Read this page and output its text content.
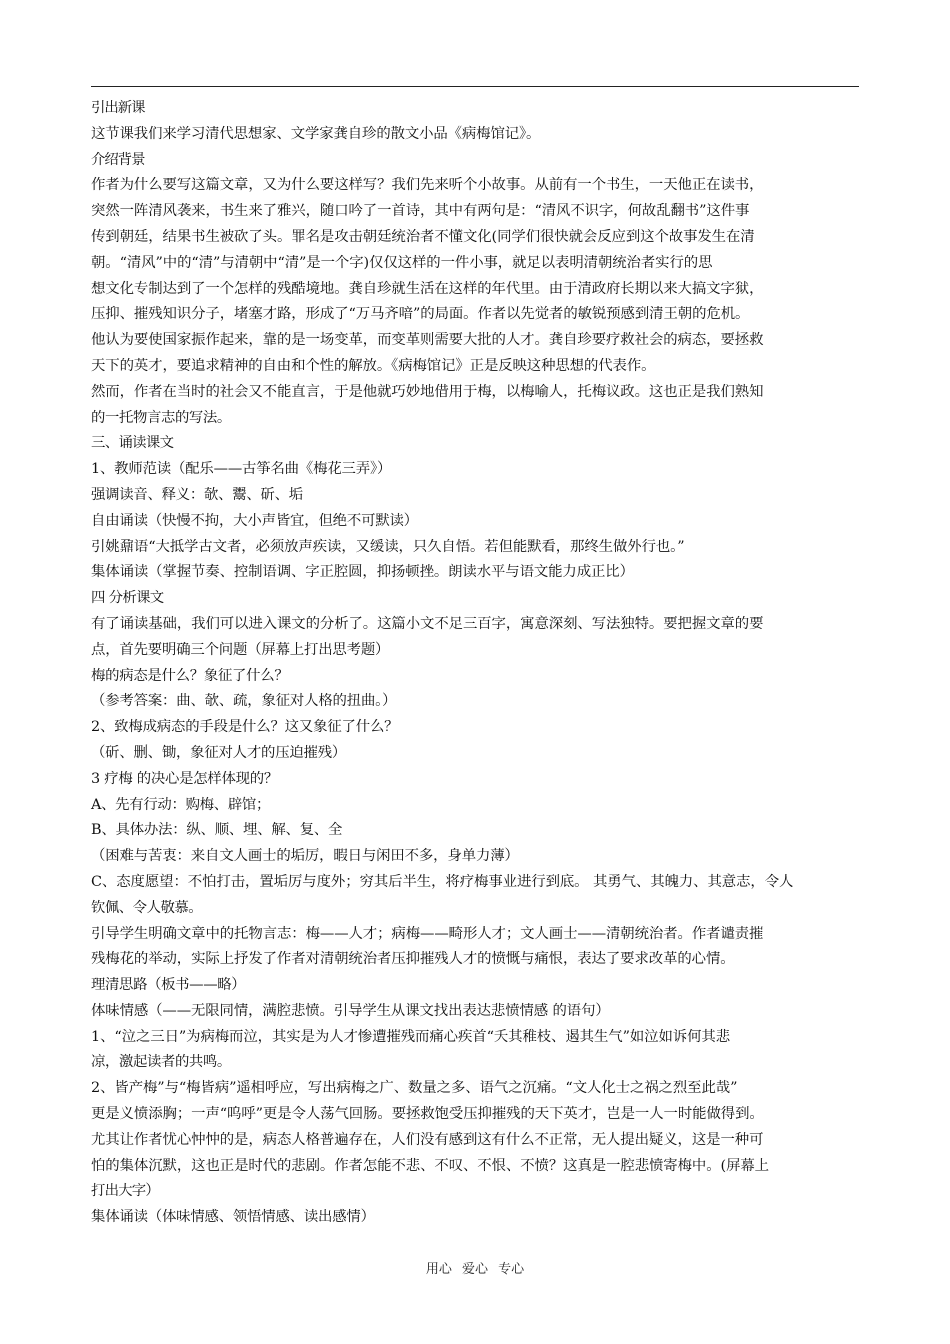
引出新课
这节课我们来学习清代思想家、文学家龚自珍的散文小品《病梅馆记》。
介绍背景
作者为什么要写这篇文章，又为什么要这样写？我们先来听个小故事。从前有一个书生，一天他正在读书，
突然一阵清风袭来，书生来了雅兴，随口吟了一首诗，其中有两句是：“清风不识字，何故乱翻书”这件事
传到朝廷，结果书生被砍了头。罪名是攻击朝廷统治者不懂文化(同学们很快就会反应到这个故事发生在清
朝。“清风”中的“清”与清朝中“清”是一个字)仅仅这样的一件小事，就足以表明清朝统治者实行的思
想文化专制达到了一个怎样的残酷境地。龚自珍就生活在这样的年代里。由于清政府长期以来大搞文字狱，
压抑、摧残知识分子，堵塞才路，形成了“万马齐喑”的局面。作者以先觉者的敏锐预感到清王朝的危机。
他认为要使国家振作起来，靠的是一场变革，而变革则需要大批的人才。龚自珍要疗救社会的病态，要拯救
天下的英才，要追求精神的自由和个性的解放。《病梅馆记》正是反映这种思想的代表作。
然而，作者在当时的社会又不能直言，于是他就巧妙地借用于梅，以梅喻人，托梅议政。这也正是我们熟知
的一托物言志的写法。
三、诵读课文
1、教师范读（配乐——古筝名曲《梅花三弄》）
强调读音、释义：欹、鬻、斫、垢
自由诵读（快慢不拘，大小声皆宜，但绝不可默读）
引姚鼐语“大抵学古文者，必须放声疾读，又缓读，只久自悟。若但能默看，那终生做外行也。”
集体诵读（掌握节奏、控制语调、字正腔圆，抑扬顿挫。朗读水平与语文能力成正比）
四 分析课文
有了诵读基础，我们可以进入课文的分析了。这篇小文不足三百字，寓意深刻、写法独特。要把握文章的要
点，首先要明确三个问题（屏幕上打出思考题）
梅的病态是什么？象征了什么？
（参考答案：曲、欹、疏，象征对人格的扭曲。）
2、致梅成病态的手段是什么？这又象征了什么？
（斫、删、锄，象征对人才的压迫摧残）
3 疗梅 的决心是怎样体现的？
A、先有行动：购梅、辟馆；
B、具体办法：纵、顺、埋、解、复、全
（困难与苦衷：来自文人画士的垢厉，暇日与闲田不多，身单力薄）
C、态度愿望：不怕打击，置垢厉与度外；穷其后半生，将疗梅事业进行到底。 其勇气、其魄力、其意志，令人
钦佩、令人敬慕。
引导学生明确文章中的托物言志：梅——人才；病梅——畸形人才；文人画士——清朝统治者。作者谴责摧
残梅花的举动，实际上抒发了作者对清朝统治者压抑摧残人才的愤慨与痛恨，表达了要求改革的心情。
理清思路（板书——略）
体味情感（——无限同情，满腔悲愤。引导学生从课文找出表达悲愤情感 的语句）
1、“泣之三日”为病梅而泣，其实是为人才惨遭摧残而痛心疾首“夭其稚枝、遏其生气”如泣如诉何其悲
凉，激起读者的共鸣。
2、皆产梅”与“梅皆病”遥相呼应，写出病梅之广、数量之多、语气之沉痛。“文人化士之祸之烈至此哉”
更是义愤添胸；一声“呜呼”更是令人荡气回肠。要拯救饱受压抑摧残的天下英才，岂是一人一时能做得到。
尤其让作者忧心忡忡的是，病态人格普遍存在，人们没有感到这有什么不正常，无人提出疑义，这是一种可
怕的集体沉默，这也正是时代的悲剧。作者怎能不悲、不叹、不恨、不愤？这真是一腔悲愤寄梅中。(屏幕上
打出大字）
集体诵读（体味情感、领悟情感、读出感情）
用心 爱心 专心
